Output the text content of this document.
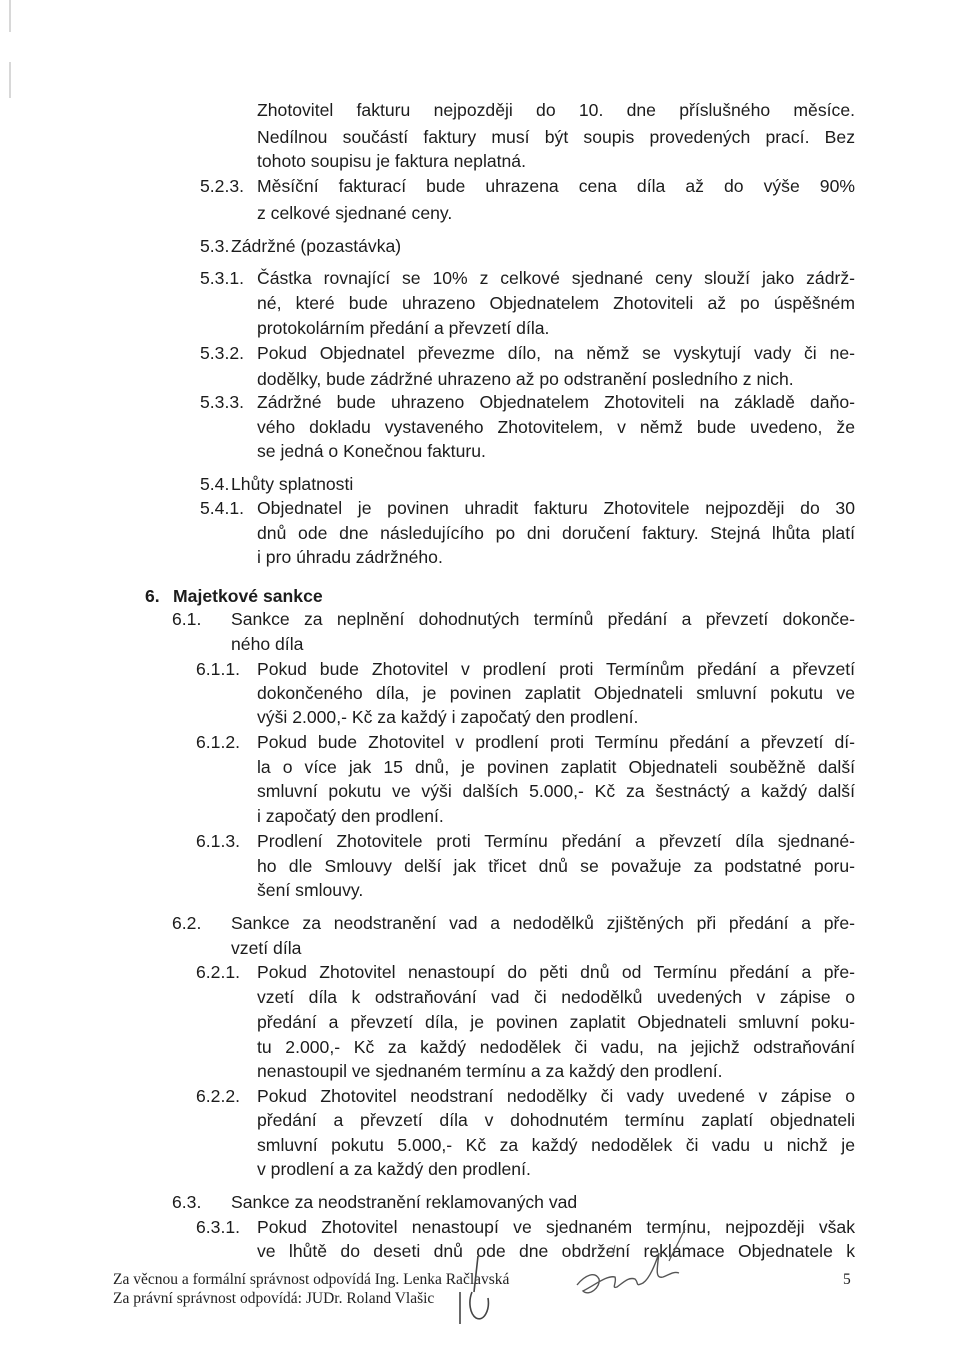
Zhotovitel fakturu nejpozději do 10. dne příslušného měsíce.
Nedílnou součástí faktury musí být soupis provedených prací. Bez
tohoto soupisu je faktura neplatná.
5.2.3. Měsíční fakturací bude uhrazena cena díla až do výše 90%
z celkové sjednané ceny.
5.3. Zádržné (pozastávka)
5.3.1. Částka rovnající se 10% z celkové sjednané ceny slouží jako zádrž-
né, které bude uhrazeno Objednatelem Zhotoviteli až po úspěšném
protokolárním předání a převzetí díla.
5.3.2. Pokud Objednatel převezme dílo, na němž se vyskytují vady či ne-
dodělky, bude zádržné uhrazeno až po odstranění posledního z nich.
5.3.3. Zádržné bude uhrazeno Objednatelem Zhotoviteli na základě daňo-
vého dokladu vystaveného Zhotovitelem, v němž bude uvedeno, že
se jedná o Konečnou fakturu.
5.4. Lhůty splatnosti
5.4.1. Objednatel je povinen uhradit fakturu Zhotovitele nejpozději do 30
dnů ode dne následujícího po dni doručení faktury. Stejná lhůta platí
i pro úhradu zádržného.
6. Majetkové sankce
6.1. Sankce za neplnění dohodnutých termínů předání a převzetí dokonče-
ného díla
6.1.1. Pokud bude Zhotovitel v prodlení proti Termínům předání a převzetí
dokončeného díla, je povinen zaplatit Objednateli smluvní pokutu ve
výši 2.000,- Kč za každý i započatý den prodlení.
6.1.2. Pokud bude Zhotovitel v prodlení proti Termínu předání a převzetí dí-
la o více jak 15 dnů, je povinen zaplatit Objednateli souběžně další
smluvní pokutu ve výši dalších 5.000,- Kč za šestnáctý a každý další
i započatý den prodlení.
6.1.3. Prodlení Zhotovitele proti Termínu předání a převzetí díla sjednané-
ho dle Smlouvy delší jak třicet dnů se považuje za podstatné poru-
šení smlouvy.
6.2. Sankce za neodstranění vad a nedodělků zjištěných při předání a pře-
vzetí díla
6.2.1. Pokud Zhotovitel nenastoupí do pěti dnů od Termínu předání a pře-
vzetí díla k odstraňování vad či nedodělků uvedených v zápise o
předání a převzetí díla, je povinen zaplatit Objednateli smluvní poku-
tu 2.000,- Kč za každý nedodělek či vadu, na jejichž odstraňování
nenastoupil ve sjednaném termínu a za každý den prodlení.
6.2.2. Pokud Zhotovitel neodstraní nedodělky či vady uvedené v zápise o
předání a převzetí díla v dohodnutém termínu zaplatí objednateli
smluvní pokutu 5.000,- Kč za každý nedodělek či vadu u nichž je
v prodlení a za každý den prodlení.
6.3. Sankce za neodstranění reklamovaných vad
6.3.1. Pokud Zhotovitel nenastoupí ve sjednaném termínu, nejpozději však
ve lhůtě do deseti dnů ode dne obdržení reklamace Objednatele k
Za věcnou a formální správnost odpovídá Ing. Lenka Račlavská
Za právní správnost odpovídá: JUDr. Roland Vlašic
5
